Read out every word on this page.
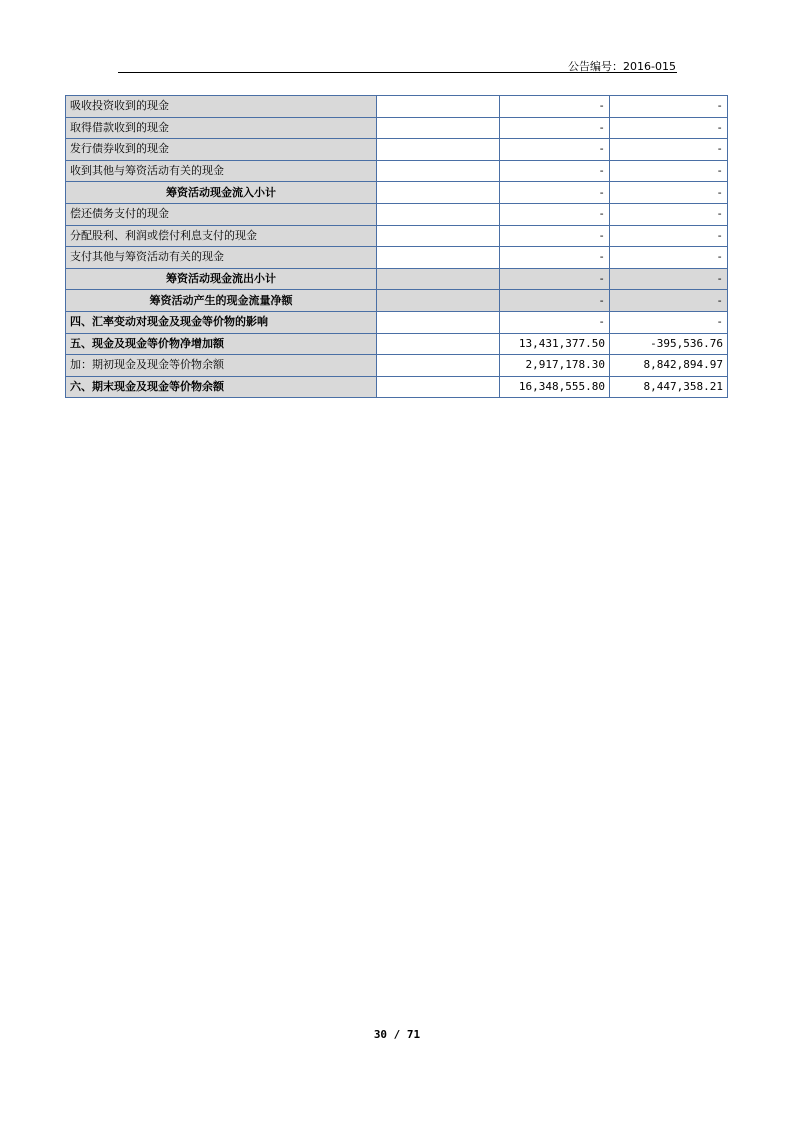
公告编号：2016-015
吸收投资收到的现金		-	-
取得借款收到的现金		-	-
发行债券收到的现金		-	-
收到其他与筹资活动有关的现金		-	-
筹资活动现金流入小计		-	-
偿还债务支付的现金		-	-
分配股利、利润或偿付利息支付的现金		-	-
支付其他与筹资活动有关的现金		-	-
筹资活动现金流出小计		-	-
筹资活动产生的现金流量净额		-	-
四、汇率变动对现金及现金等价物的影响		-	-
五、现金及现金等价物净增加额		13,431,377.50	-395,536.76
加：期初现金及现金等价物余额		2,917,178.30	8,842,894.97
六、期末现金及现金等价物余额		16,348,555.80	8,447,358.21
30 / 71
